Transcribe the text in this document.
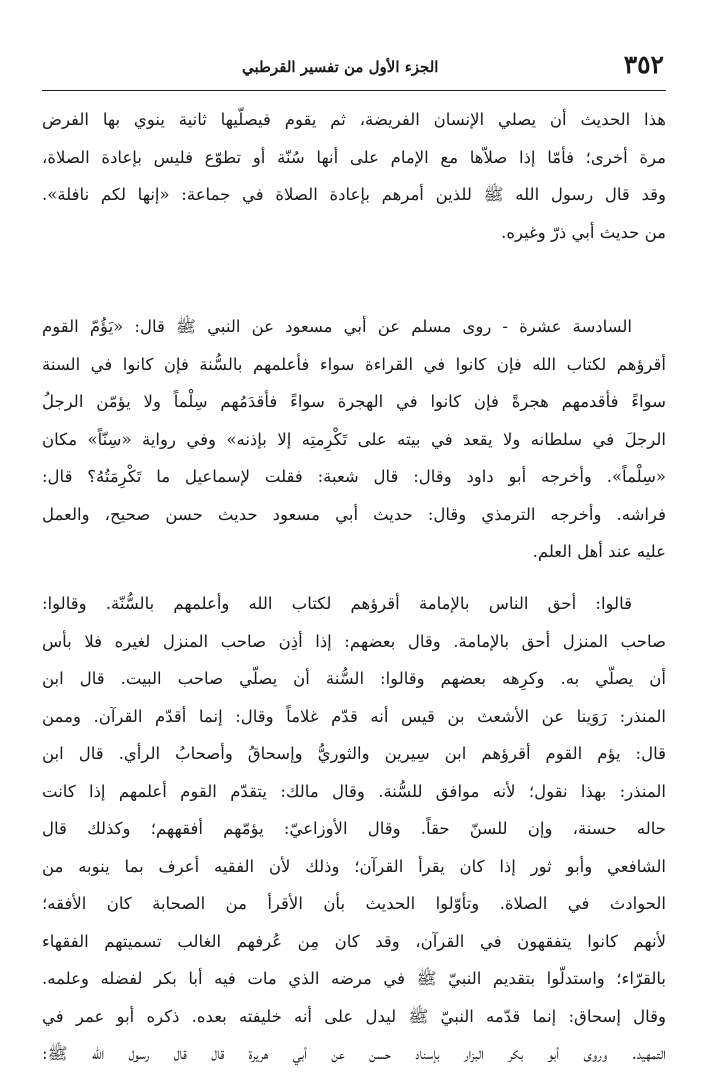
٣٥٢
الجزء الأول من تفسير القرطبي
هذا الحديث أن يصلي الإنسان الفريضة، ثم يقوم فيصلّيها ثانية ينوي بها الفرض
مرة أخرى؛ فأمّا إذا صلاّها مع الإمام على أنها سُنّة أو تطوّع فليس بإعادة الصلاة،
وقد قال رسول الله ﷺ للذين أمرهم بإعادة الصلاة في جماعة: «إنها لكم نافلة».
من حديث أبي ذرّ وغيره.
السادسة عشرة - روى مسلم عن أبي مسعود عن النبي ﷺ قال: «يَؤُمّ القوم
أقرؤهم لكتاب الله فإن كانوا في القراءة سواء فأعلمهم بالسُّنة فإن كانوا في السنة
سواءً فأقدمهم هجرةً فإن كانوا في الهجرة سواءً فأقدَمُهم سِلْماً ولا يؤمّن الرجلُ
الرجلَ في سلطانه ولا يقعد في بيته على تَكْرِمتِه إلا بإذنه» وفي رواية «سِنّاً» مكان
«سِلْماً». وأخرجه أبو داود وقال: قال شعبة: فقلت لإسماعيل ما تَكْرِمَتُهُ؟ قال:
فراشه. وأخرجه الترمذي وقال: حديث أبي مسعود حديث حسن صحيح، والعمل
عليه عند أهل العلم.
قالوا: أحق الناس بالإمامة أقرؤهم لكتاب الله وأعلمهم بالسُّنّة. وقالوا:
صاحب المنزل أحق بالإمامة. وقال بعضهم: إذا أذِن صاحب المنزل لغيره فلا بأس
أن يصلّي به. وكرِهه بعضهم وقالوا: السُّنة أن يصلّي صاحب البيت. قال ابن
المنذر: رَوَينا عن الأشعث بن قيس أنه قدّم غلاماً وقال: إنما أقدّم القرآن. وممن
قال: يؤم القوم أقرؤهم ابن سِيرين والثوريُّ وإسحاقُ وأصحابُ الرأي. قال ابن
المنذر: بهذا نقول؛ لأنه موافق للسُّنة. وقال مالك: يتقدّم القوم أعلمهم إذا كانت
حاله حسنة، وإن للسنّ حقاً. وقال الأوزاعيّ: يؤمّهم أفقههم؛ وكذلك قال
الشافعي وأبو ثور إذا كان يقرأ القرآن؛ وذلك لأن الفقيه أعرف بما ينوبه من
الحوادث في الصلاة. وتأوّلوا الحديث بأن الأقرأ من الصحابة كان الأفقه؛
لأنهم كانوا يتفقهون في القرآن، وقد كان مِن عُرفهم الغالب تسميتهم الفقهاء
بالقرّاء؛ واستدلّوا بتقديم النبيّ ﷺ في مرضه الذي مات فيه أبا بكر لفضله وعلمه.
وقال إسحاق: إنما قدّمه النبيّ ﷺ ليدل على أنه خليفته بعده. ذكره أبو عمر في
التمهيد. وروى أبو بكر البزار بإسناد حسن عن أبي هريرة قال قال رسول الله ﷺ:
